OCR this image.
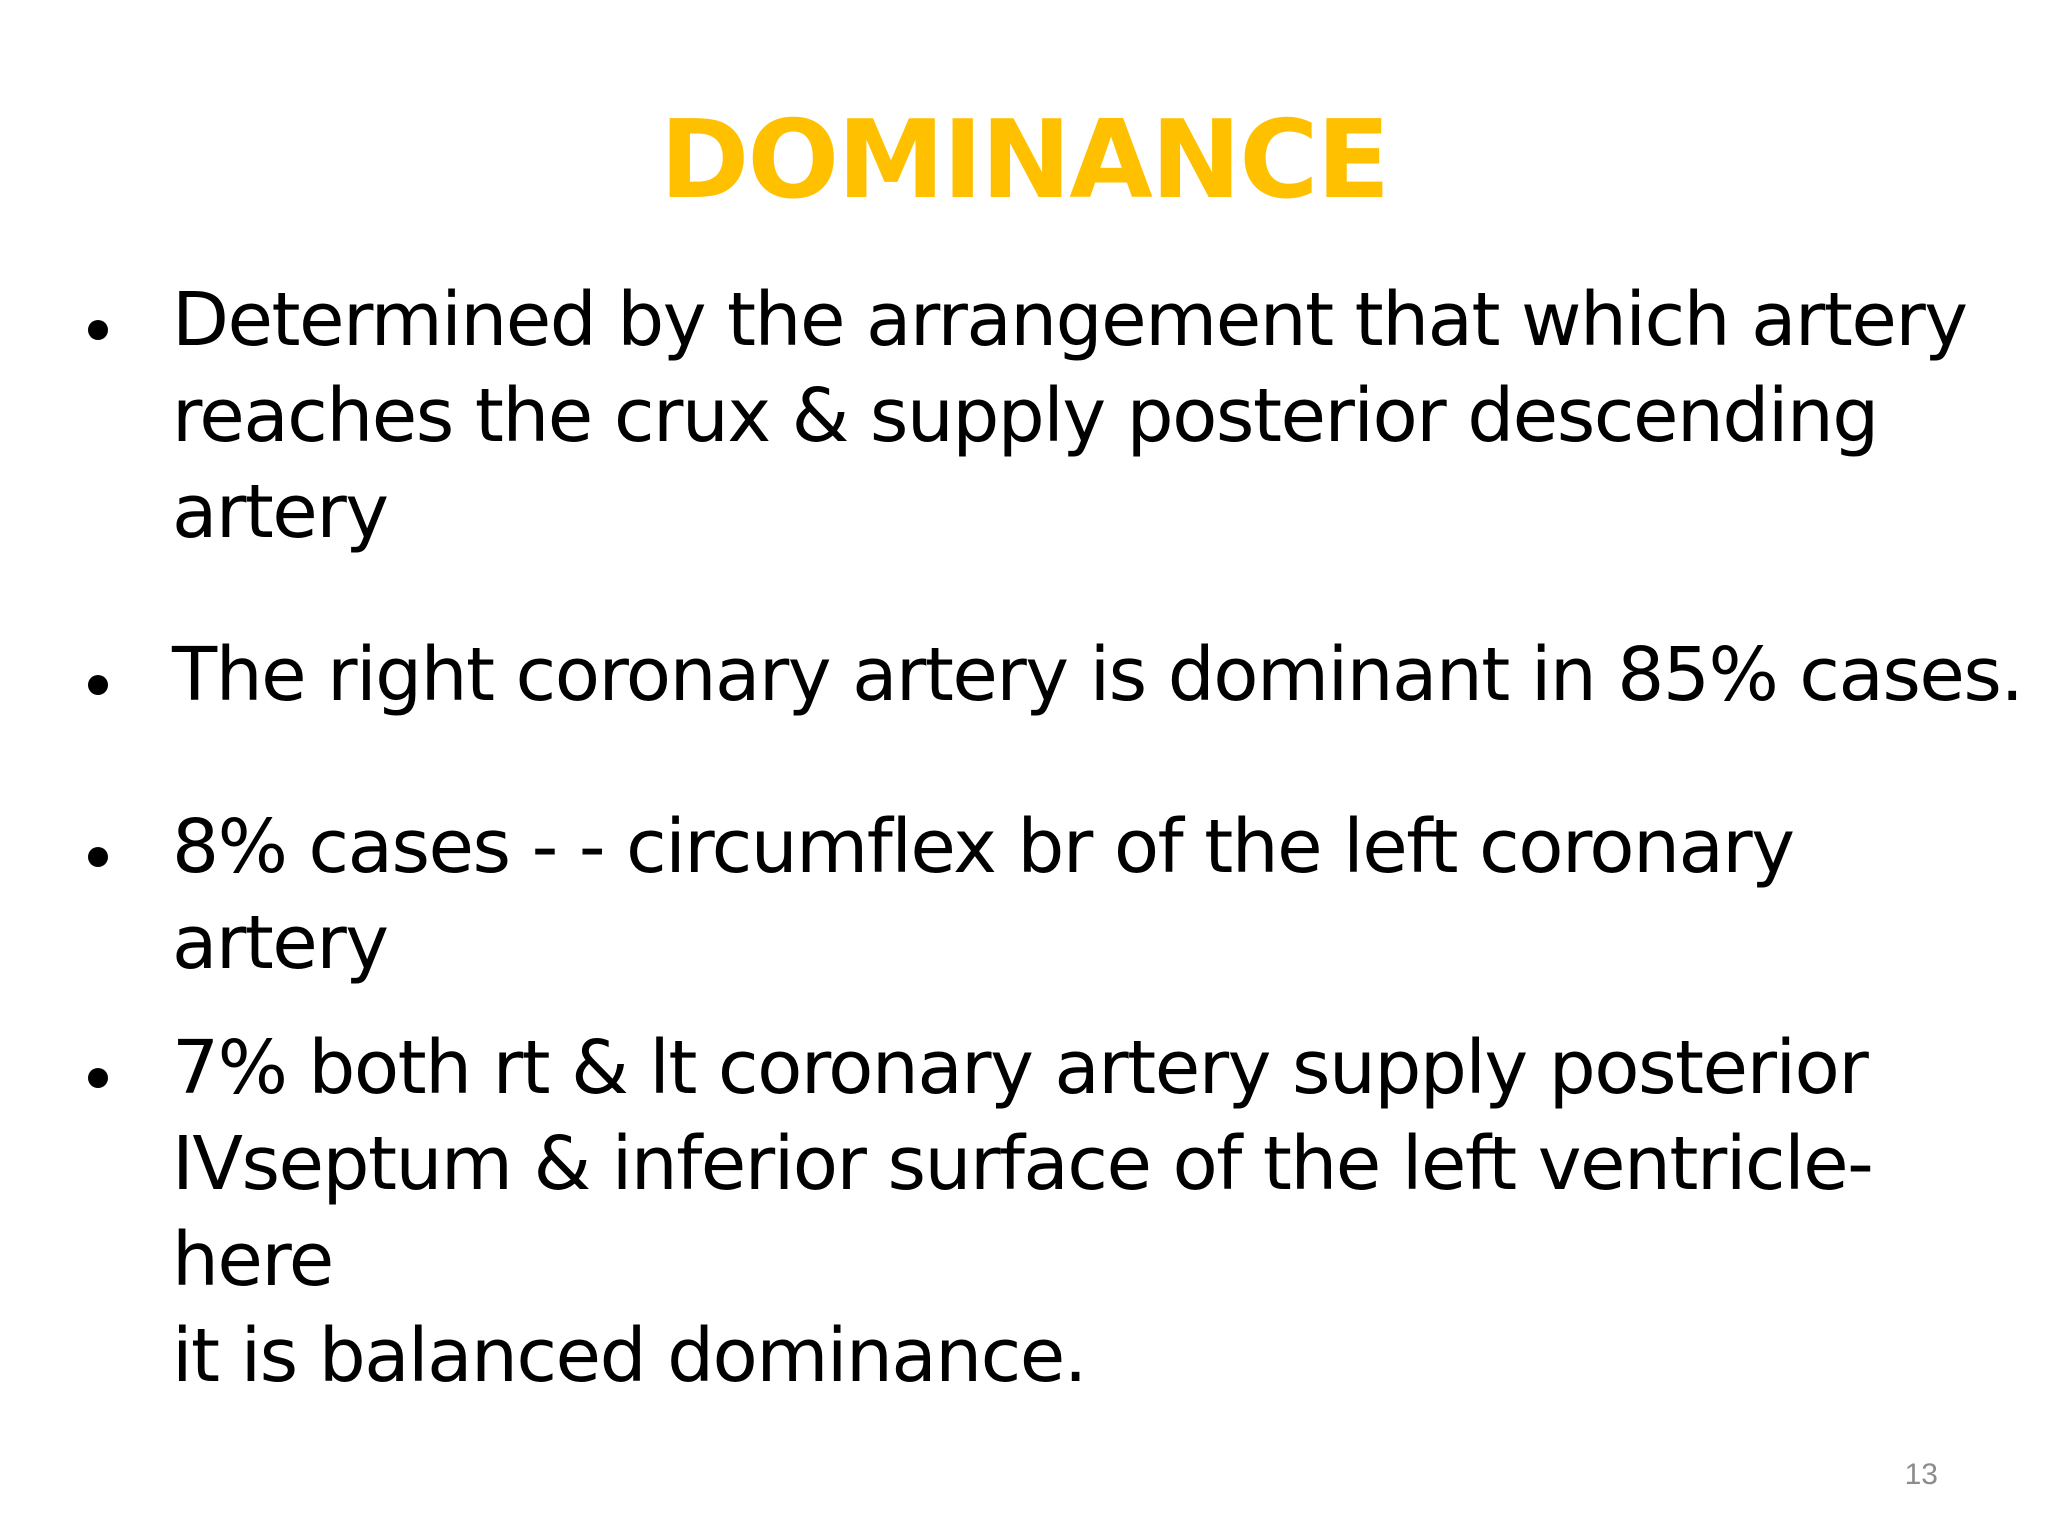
DOMINANCE
Determined by the arrangement that which artery
reaches the crux & supply posterior descending
artery
The right coronary artery is dominant in 85% cases.
8% cases - - circumflex br of the left coronary artery
7% both rt & lt coronary artery supply posterior
IVseptum & inferior surface of the left ventricle-here
it is balanced dominance.
13
